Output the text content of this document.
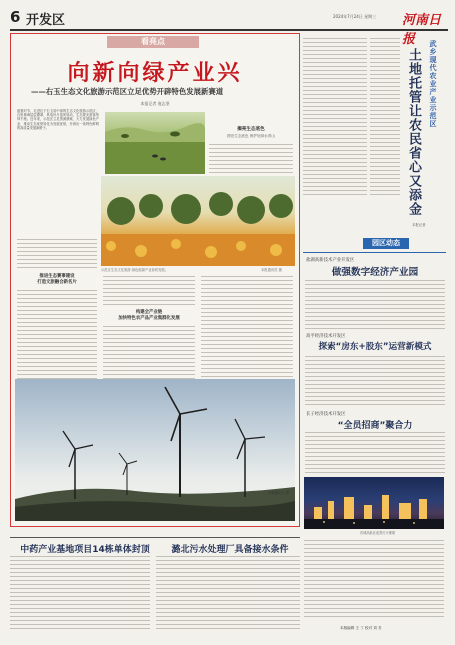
6 开发区	2024年7月24日 星期三 河南日报
看亮点
向新向绿产业兴
——右玉生态文化旅游示范区立足优势开辟特色发展新赛道
本报记者 庞志坚
盛夏时节，走进位于右玉县中部的生态文化旅游示范区，百里林海层层叠翠，风电叶片迎风转动，生态观光游客络绎不绝。近年来，示范区立足资源禀赋，大力发展绿色产业，推动生态优势转化为发展优势，开辟出一条特色鲜明的高质量发展新路子。	擦亮生态底色
擦亮生态底色 保护好绿水青山
示范区生态文化旅游 绿色能源产业协同发展。	本报通讯员 摄
推进生态赛事建设
打造文旅融合新名片
构建全产业链
加快特色农产品产业集群化发展
本报通讯员 摄
武乡现代农业产业示范区
土地托管让农民省心又添金
本报记者
园区动态
盐湖高新技术产业开发区
做强数字经济产业园
高平经济技术开发区
探索“房东+股东”运营新模式
长子经济技术开发区
“全员招商”聚合力
晋城高新区夜景灯火璀璨
中药产业基地项目14栋单体封顶	潞北污水处理厂具备接水条件
本版编辑 王 丁 校对 刘 芳
